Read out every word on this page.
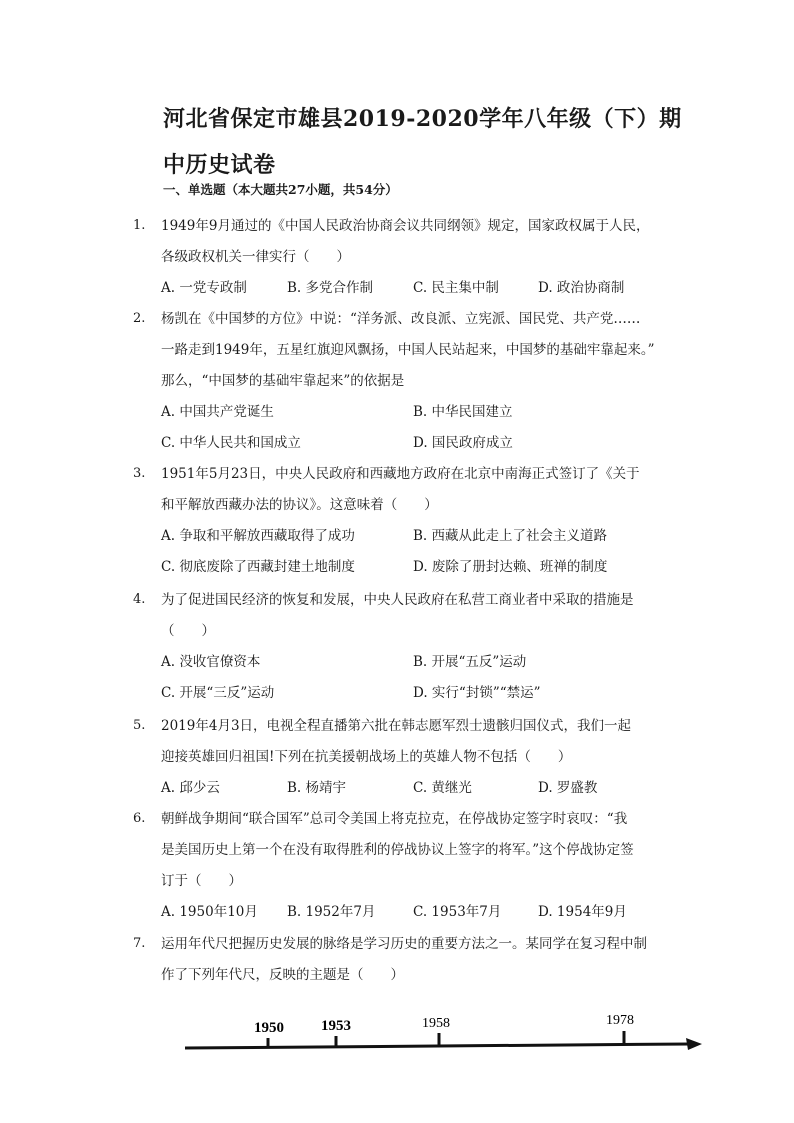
河北省保定市雄县2019-2020学年八年级（下）期中历史试卷
一、单选题（本大题共27小题，共54分）
1. 1949年9月通过的《中国人民政治协商会议共同纲领》规定，国家政权属于人民，
各级政权机关一律实行（　　）
A. 一党专政制	B. 多党合作制	C. 民主集中制	D. 政治协商制
2. 杨凯在《中国梦的方位》中说：“洋务派、改良派、立宪派、国民党、共产党……
一路走到1949年，五星红旗迎风飘扬，中国人民站起来，中国梦的基础牢靠起来。”
那么，“中国梦的基础牢靠起来”的依据是
A. 中国共产党诞生	B. 中华民国建立
C. 中华人民共和国成立	D. 国民政府成立
3. 1951年5月23日，中央人民政府和西藏地方政府在北京中南海正式签订了《关于
和平解放西藏办法的协议》。这意味着（　　）
A. 争取和平解放西藏取得了成功	B. 西藏从此走上了社会主义道路
C. 彻底废除了西藏封建土地制度	D. 废除了册封达赖、班禅的制度
4. 为了促进国民经济的恢复和发展，中央人民政府在私营工商业者中采取的措施是
（　　）
A. 没收官僚资本	B. 开展“五反”运动
C. 开展“三反”运动	D. 实行“封锁”“禁运”
5. 2019年4月3日，电视全程直播第六批在韩志愿军烈士遗骸归国仪式，我们一起
迎接英雄回归祖国!下列在抗美援朝战场上的英雄人物不包括（　　）
A. 邱少云	B. 杨靖宇	C. 黄继光	D. 罗盛教
6. 朝鲜战争期间“联合国军”总司令美国上将克拉克，在停战协定签字时哀叹：“我
是美国历史上第一个在没有取得胜利的停战协议上签字的将军。”这个停战协定签
订于（　　）
A. 1950年10月 B. 1952年7月	C. 1953年7月	D. 1954年9月
7. 运用年代尺把握历史发展的脉络是学习历史的重要方法之一。某同学在复习程中制
作了下列年代尺，反映的主题是（　　）
1950 1953	1958	1978
